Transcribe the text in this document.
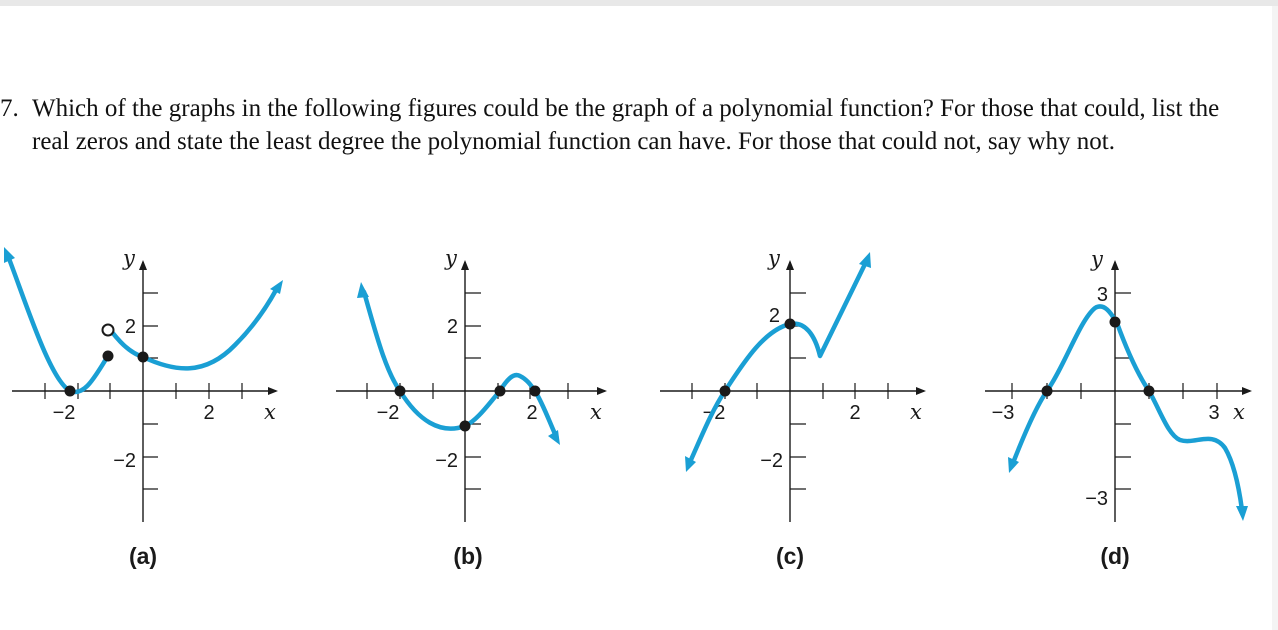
7. Which of the graphs in the following figures could be the graph of a polynomial function? For those that could, list the real zeros and state the least degree the polynomial function can have. For those that could not, say why not.

−2	2
2
−2
y
x
(a)
−2	2
2
−2
y
x
(b)
−2	2
2
−2
y
x
(c)
−3	3
3
−3
y
x
(d)
